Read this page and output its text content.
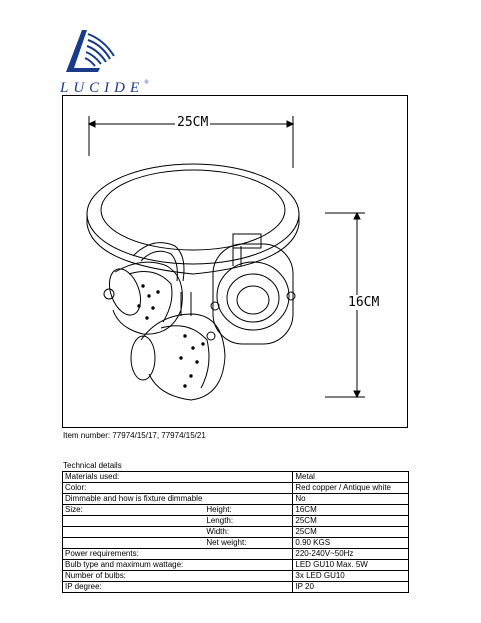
LUCIDE®
25CM
16CM
Item number: 77974/15/17, 77974/15/21
Technical details
Materials used:		Metal
Color:		Red copper / Antique white
Dimmable and how is fixture dimmable		No
Size:	Height:	16CM
	Length:	25CM
	Width:	25CM
	Net weight:	0.90 KGS
Power requirements:		220-240V~50Hz
Bulb type and maximum wattage:		LED GU10 Max. 5W
Number of bulbs:		3x LED GU10
IP degree:		IP 20
